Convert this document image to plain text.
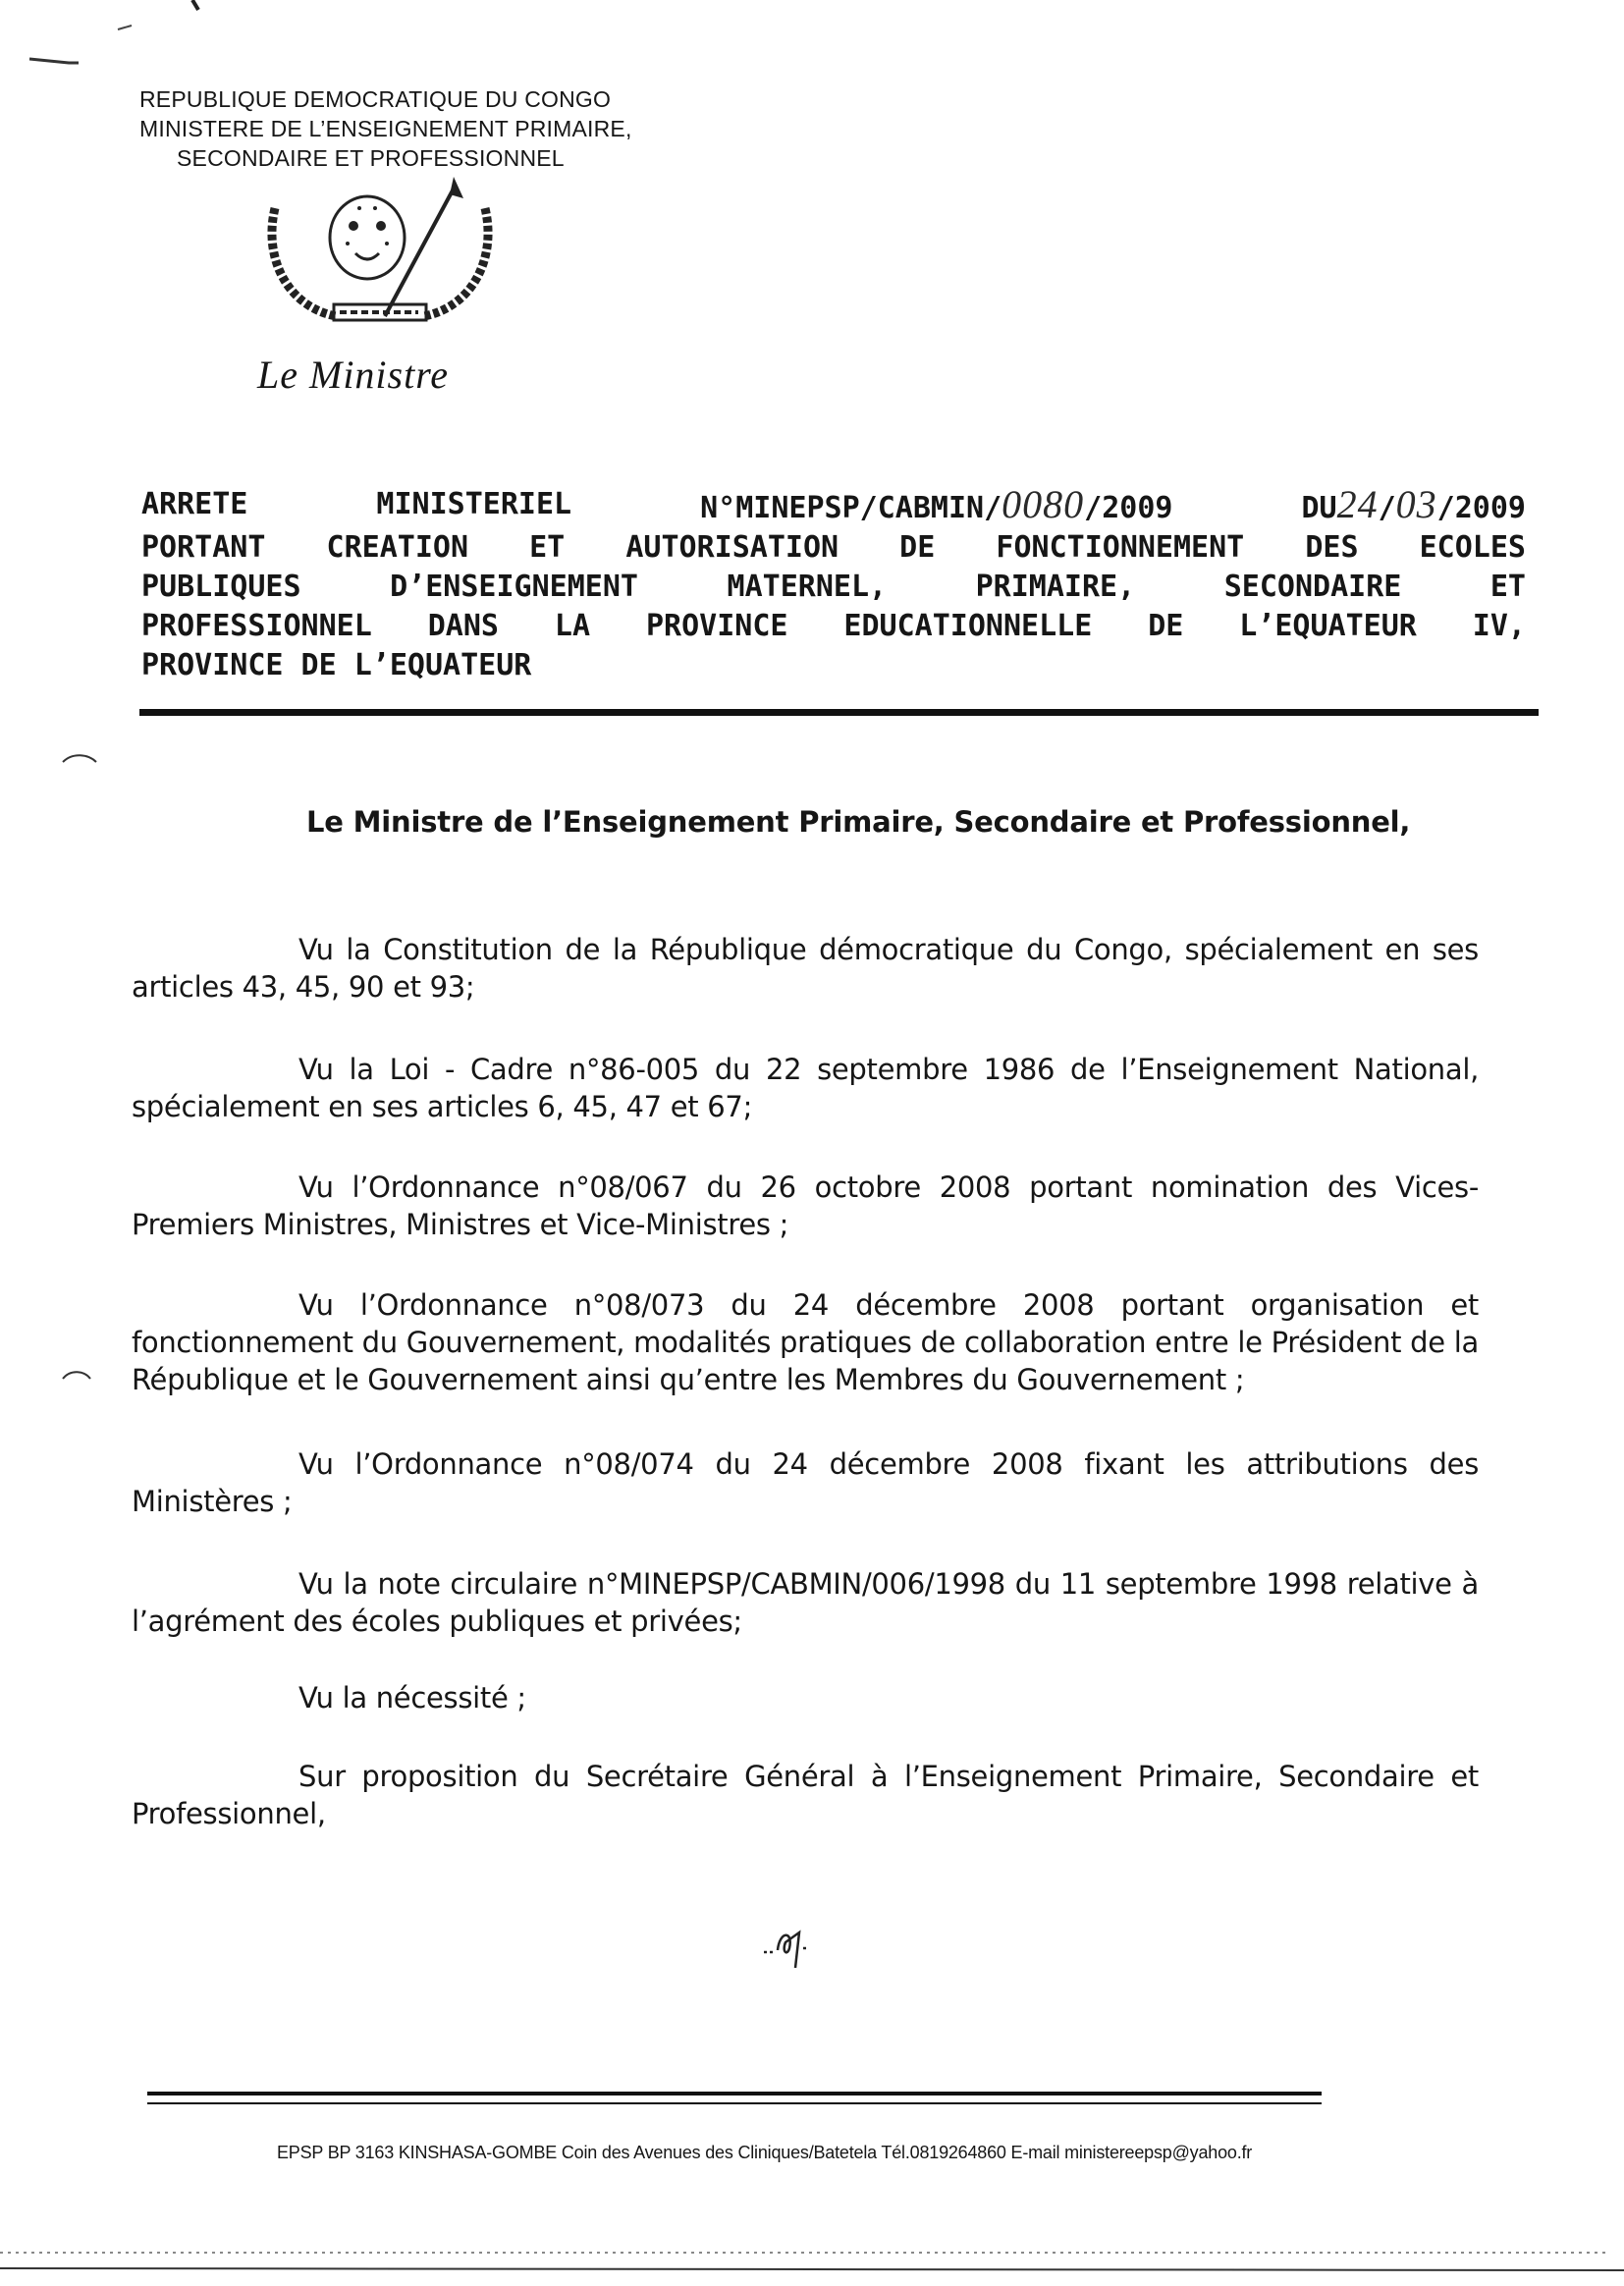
REPUBLIQUE DEMOCRATIQUE DU CONGO
MINISTERE DE L’ENSEIGNEMENT PRIMAIRE,
SECONDAIRE ET PROFESSIONNEL
Le Ministre
ARRETE	MINISTERIEL	N°MINEPSP/CABMIN/0080/2009	DU24/03/2009
PORTANT CREATION ET AUTORISATION DE FONCTIONNEMENT DES ECOLES
PUBLIQUES D’ENSEIGNEMENT MATERNEL, PRIMAIRE, SECONDAIRE ET
PROFESSIONNEL DANS LA PROVINCE EDUCATIONNELLE DE L’EQUATEUR IV,
PROVINCE DE L’EQUATEUR
Le Ministre de l’Enseignement Primaire, Secondaire et Professionnel,
Vu la Constitution de la République démocratique du Congo, spécialement en ses articles 43, 45, 90 et 93;
Vu la Loi - Cadre n°86-005 du 22 septembre 1986 de l’Enseignement National, spécialement en ses articles 6, 45, 47 et 67;
Vu l’Ordonnance n°08/067 du 26 octobre 2008 portant nomination des Vices-Premiers Ministres, Ministres et Vice-Ministres ;
Vu l’Ordonnance n°08/073 du 24 décembre 2008 portant organisation et fonctionnement du Gouvernement, modalités pratiques de collaboration entre le Président de la République et le Gouvernement ainsi qu’entre les Membres du Gouvernement ;
Vu l’Ordonnance n°08/074 du 24 décembre 2008 fixant les attributions des Ministères ;
Vu la note circulaire n°MINEPSP/CABMIN/006/1998 du 11 septembre 1998 relative à l’agrément des écoles publiques et privées;
Vu la nécessité ;
Sur proposition du Secrétaire Général à l’Enseignement Primaire, Secondaire et Professionnel,
EPSP BP 3163 KINSHASA-GOMBE Coin des Avenues des Cliniques/Batetela Tél.0819264860 E-mail ministereepsp@yahoo.fr
